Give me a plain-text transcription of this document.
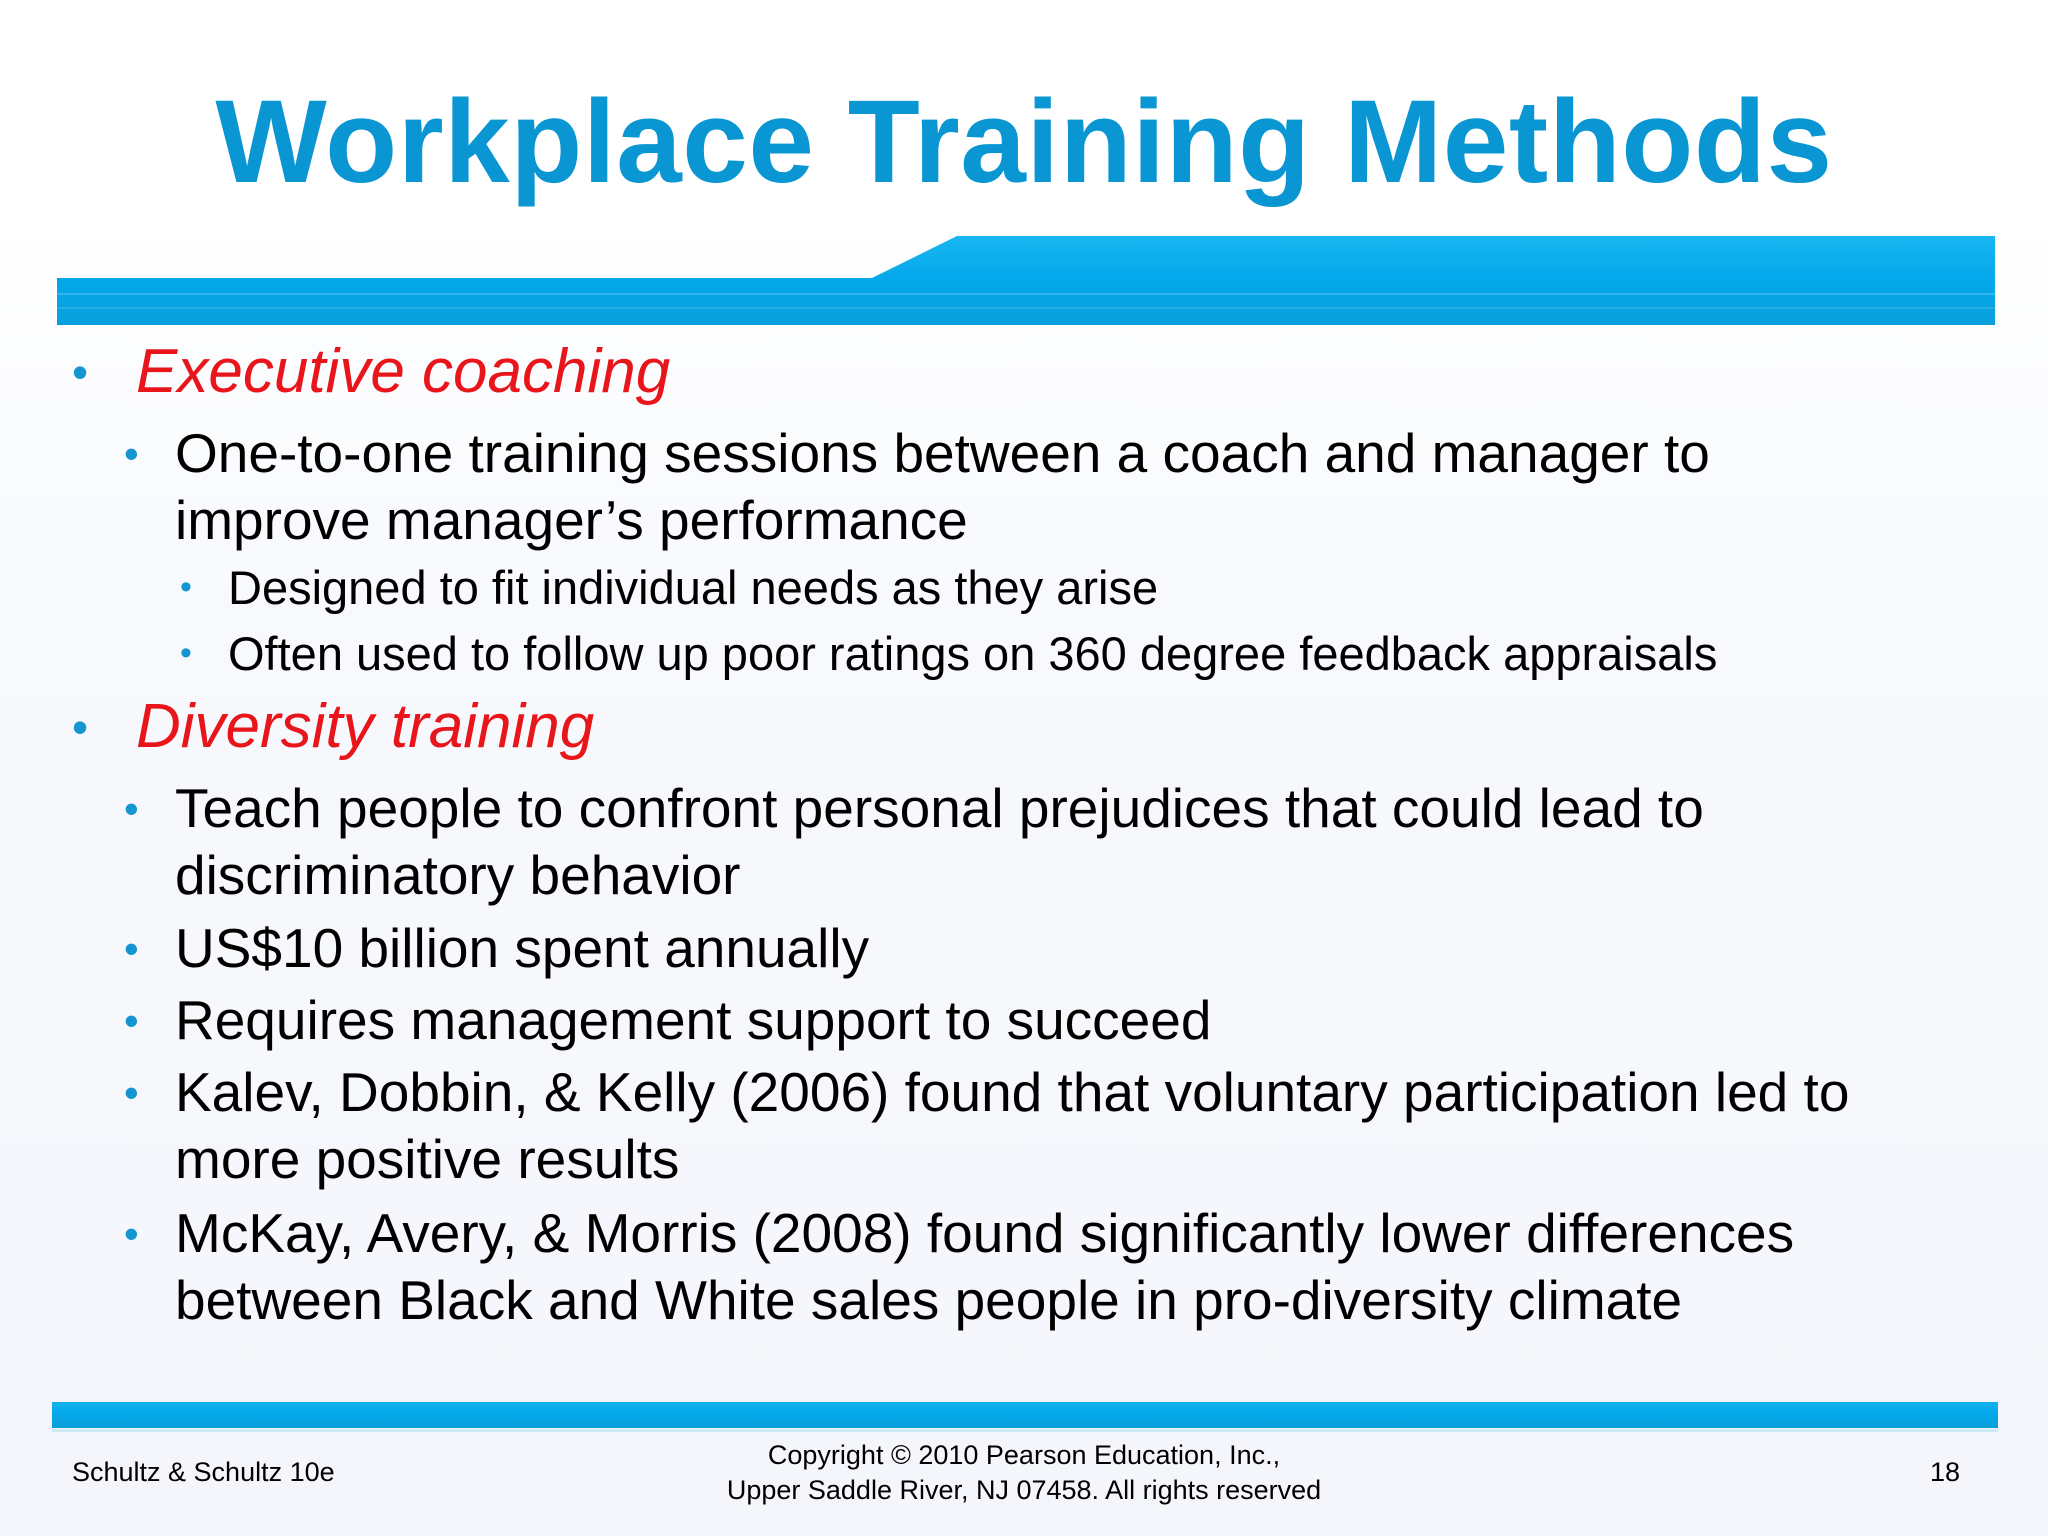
Workplace Training Methods
• Executive coaching
• One-to-one training sessions between a coach and manager to
improve manager’s performance
• Designed to fit individual needs as they arise
• Often used to follow up poor ratings on 360 degree feedback appraisals
• Diversity training
• Teach people to confront personal prejudices that could lead to
discriminatory behavior
• US$10 billion spent annually
• Requires management support to succeed
• Kalev, Dobbin, & Kelly (2006) found that voluntary participation led to
more positive results
• McKay, Avery, & Morris (2008) found significantly lower differences
between Black and White sales people in pro-diversity climate
Schultz & Schultz 10e
Copyright © 2010 Pearson Education, Inc.,
Upper Saddle River, NJ 07458. All rights reserved
18
